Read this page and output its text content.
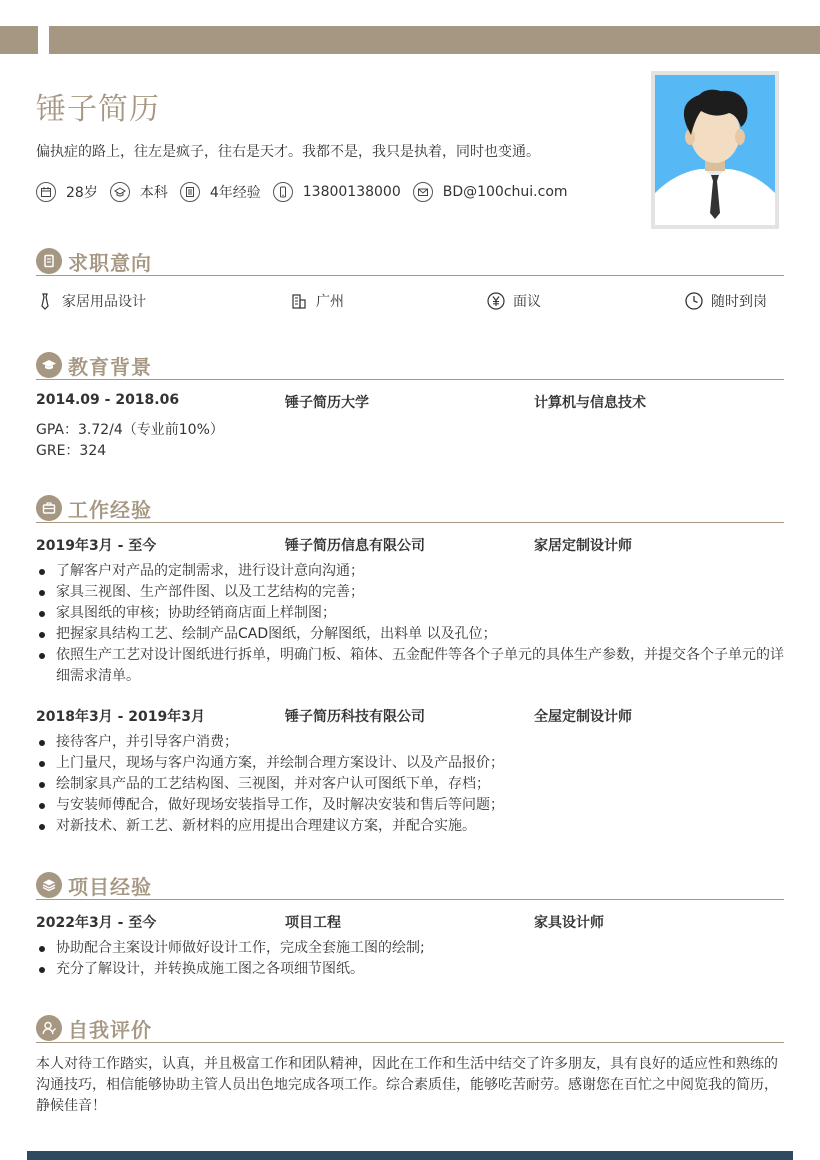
锤子简历
偏执症的路上，往左是疯子，往右是天才。我都不是，我只是执着，同时也变通。
28岁	本科	4年经验	13800138000	BD@100chui.com
求职意向
家居用品设计	广州	面议	随时到岗
教育背景
2014.09 - 2018.06	锤子简历大学	计算机与信息技术
GPA：3.72/4（专业前10%）
GRE：324
工作经验
2019年3月 - 至今	锤子简历信息有限公司	家居定制设计师
了解客户对产品的定制需求，进行设计意向沟通；
家具三视图、生产部件图、以及工艺结构的完善；
家具图纸的审核；协助经销商店面上样制图；
把握家具结构工艺、绘制产品CAD图纸，分解图纸，出料单 以及孔位；
依照生产工艺对设计图纸进行拆单，明确门板、箱体、五金配件等各个子单元的具体生产参数，并提交各个子单元的详细需求清单。
2018年3月 - 2019年3月	锤子简历科技有限公司	全屋定制设计师
接待客户，并引导客户消费；
上门量尺，现场与客户沟通方案，并绘制合理方案设计、以及产品报价；
绘制家具产品的工艺结构图、三视图，并对客户认可图纸下单，存档；
与安装师傅配合，做好现场安装指导工作，及时解决安装和售后等问题；
对新技术、新工艺、新材料的应用提出合理建议方案，并配合实施。
项目经验
2022年3月 - 至今	项目工程	家具设计师
协助配合主案设计师做好设计工作，完成全套施工图的绘制;
充分了解设计，并转换成施工图之各项细节图纸。
自我评价
本人对待工作踏实，认真，并且极富工作和团队精神，因此在工作和生活中结交了许多朋友，具有良好的适应性和熟练的沟通技巧，相信能够协助主管人员出色地完成各项工作。综合素质佳，能够吃苦耐劳。感谢您在百忙之中阅览我的简历，静候佳音！
